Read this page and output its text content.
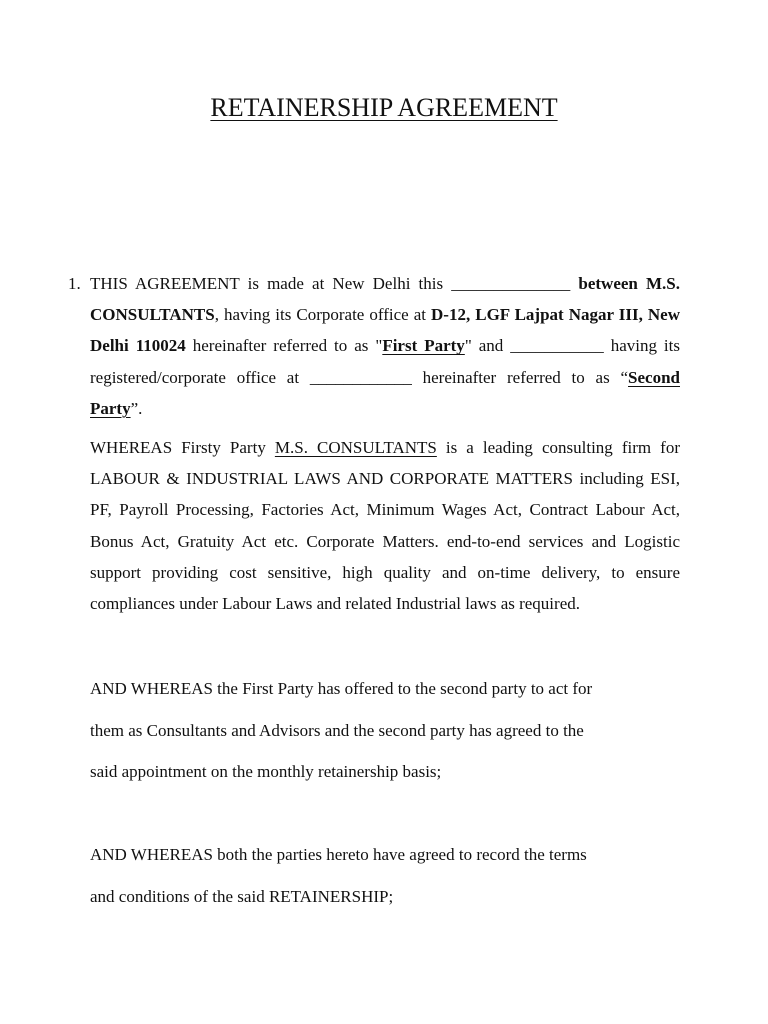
RETAINERSHIP AGREEMENT
1. THIS AGREEMENT is made at New Delhi this ______________ between M.S. CONSULTANTS, having its Corporate office at D-12, LGF Lajpat Nagar III, New Delhi 110024 hereinafter referred to as "First Party" and ___________ having its registered/corporate office at ____________ hereinafter referred to as “Second Party”.
WHEREAS Firsty Party M.S. CONSULTANTS is a leading consulting firm for LABOUR & INDUSTRIAL LAWS AND CORPORATE MATTERS including ESI, PF, Payroll Processing, Factories Act, Minimum Wages Act, Contract Labour Act, Bonus Act, Gratuity Act etc. Corporate Matters. end-to-end services and Logistic support providing cost sensitive, high quality and on-time delivery, to ensure compliances under Labour Laws and related Industrial laws as required.
AND WHEREAS the First Party has offered to the second party to act for
them as Consultants and Advisors and the second party has agreed to the
said appointment on the monthly retainership basis;
AND WHEREAS both the parties hereto have agreed to record the terms
and conditions of the said RETAINERSHIP;
